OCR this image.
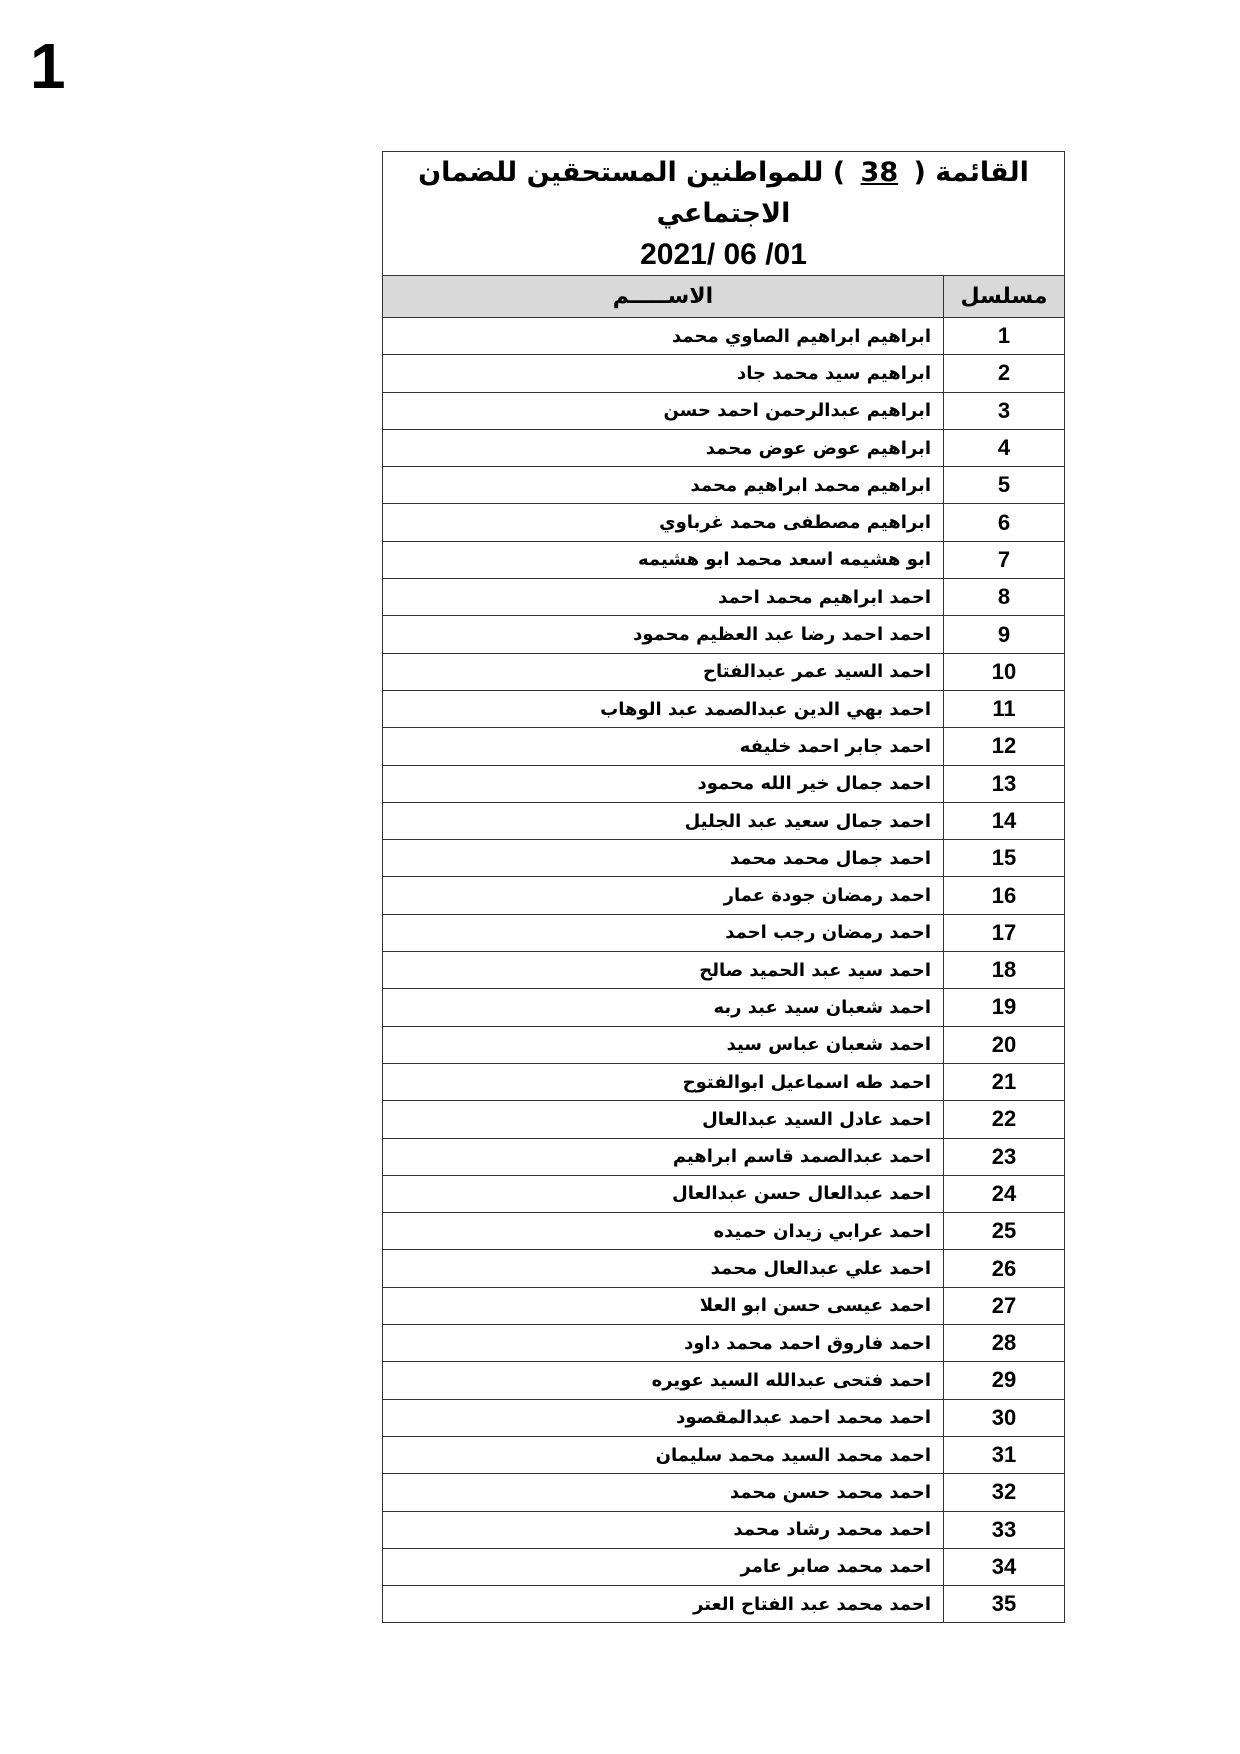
1
القائمة ( 38 ) للمواطنين المستحقين للضمان الاجتماعي
2021/ 06 /01	

مسلسل	الاســـــم
1	ابراهيم ابراهيم الصاوي محمد
2	ابراهيم سيد محمد جاد
3	ابراهيم عبدالرحمن احمد حسن
4	ابراهيم عوض عوض محمد
5	ابراهيم محمد ابراهيم محمد
6	ابراهيم مصطفى محمد غرباوي
7	ابو هشيمه اسعد محمد ابو هشيمه
8	احمد ابراهيم محمد احمد
9	احمد احمد رضا عبد العظيم محمود
10	احمد السيد عمر عبدالفتاح
11	احمد بهي الدين عبدالصمد عبد الوهاب
12	احمد جابر احمد خليفه
13	احمد جمال خير الله محمود
14	احمد جمال سعيد عبد الجليل
15	احمد جمال محمد محمد
16	احمد رمضان جودة عمار
17	احمد رمضان رجب احمد
18	احمد سيد عبد الحميد صالح
19	احمد شعبان سيد عبد ربه
20	احمد شعبان عباس سيد
21	احمد طه اسماعيل ابوالفتوح
22	احمد عادل السيد عبدالعال
23	احمد عبدالصمد قاسم ابراهيم
24	احمد عبدالعال حسن عبدالعال
25	احمد عرابي زيدان حميده
26	احمد علي عبدالعال محمد
27	احمد عيسى حسن ابو العلا
28	احمد فاروق احمد محمد داود
29	احمد فتحى عبدالله السيد عويره
30	احمد محمد احمد عبدالمقصود
31	احمد محمد السيد محمد سليمان
32	احمد محمد حسن محمد
33	احمد محمد رشاد محمد
34	احمد محمد صابر عامر
35	احمد محمد عبد الفتاح العتر
